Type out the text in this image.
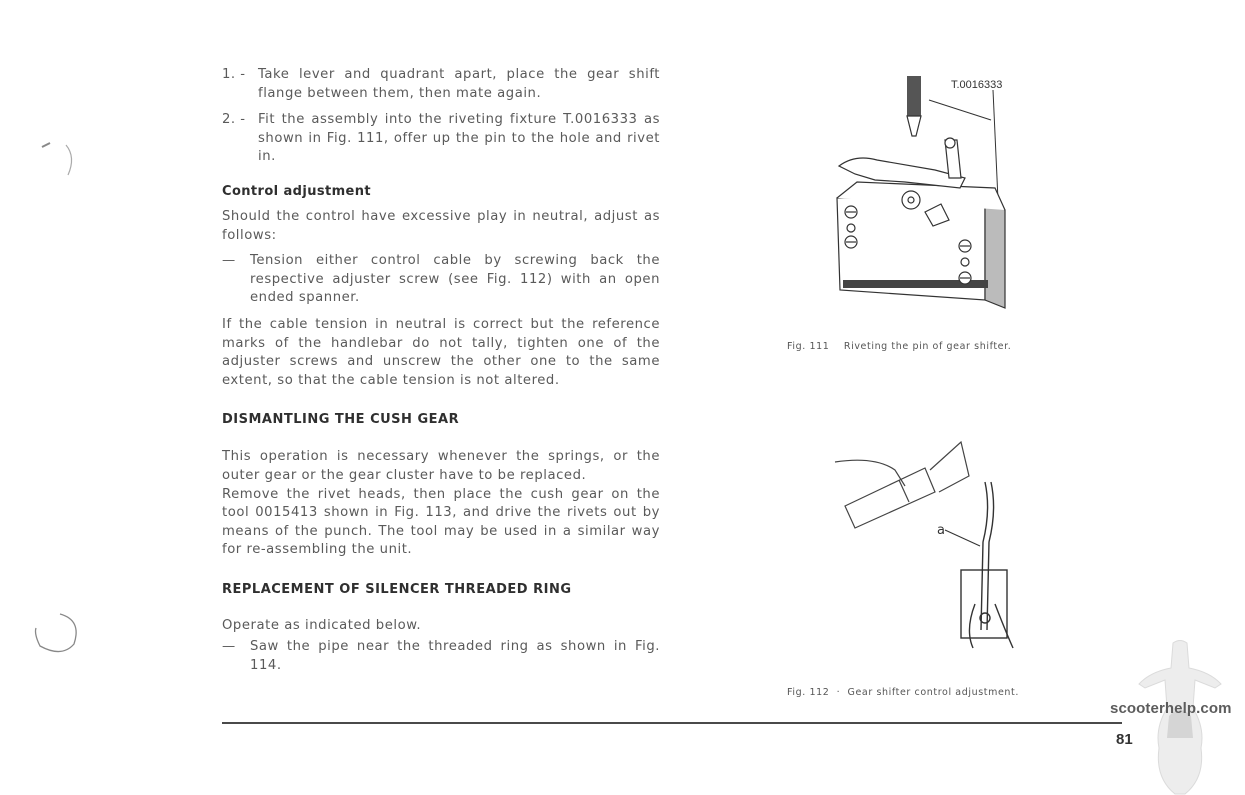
1. - Take lever and quadrant apart, place the gear shift flange between them, then mate again.

2. - Fit the assembly into the riveting fixture T.0016333 as shown in Fig. 111, offer up the pin to the hole and rivet in.

Control adjustment

Should the control have excessive play in neutral, adjust as follows:

—	Tension either control cable by screwing back the respective adjuster screw (see Fig. 112) with an open ended spanner.

If the cable tension in neutral is correct but the reference marks of the handlebar do not tally, tighten one of the adjuster screws and unscrew the other one to the same extent, so that the cable tension is not altered.

DISMANTLING THE CUSH GEAR

This operation is necessary whenever the springs, or the outer gear or the gear cluster have to be replaced.

Remove the rivet heads, then place the cush gear on the tool 0015413 shown in Fig. 113, and drive the rivets out by means of the punch. The tool may be used in a similar way for re-assembling the unit.

REPLACEMENT OF SILENCER THREADED RING

Operate as indicated below.

—	Saw the pipe near the threaded ring as shown in Fig. 114.

T.0016333
Fig. 111    Riveting the pin of gear shifter.
a
Fig. 112  ·  Gear shifter control adjustment.
scooterhelp.com
81
